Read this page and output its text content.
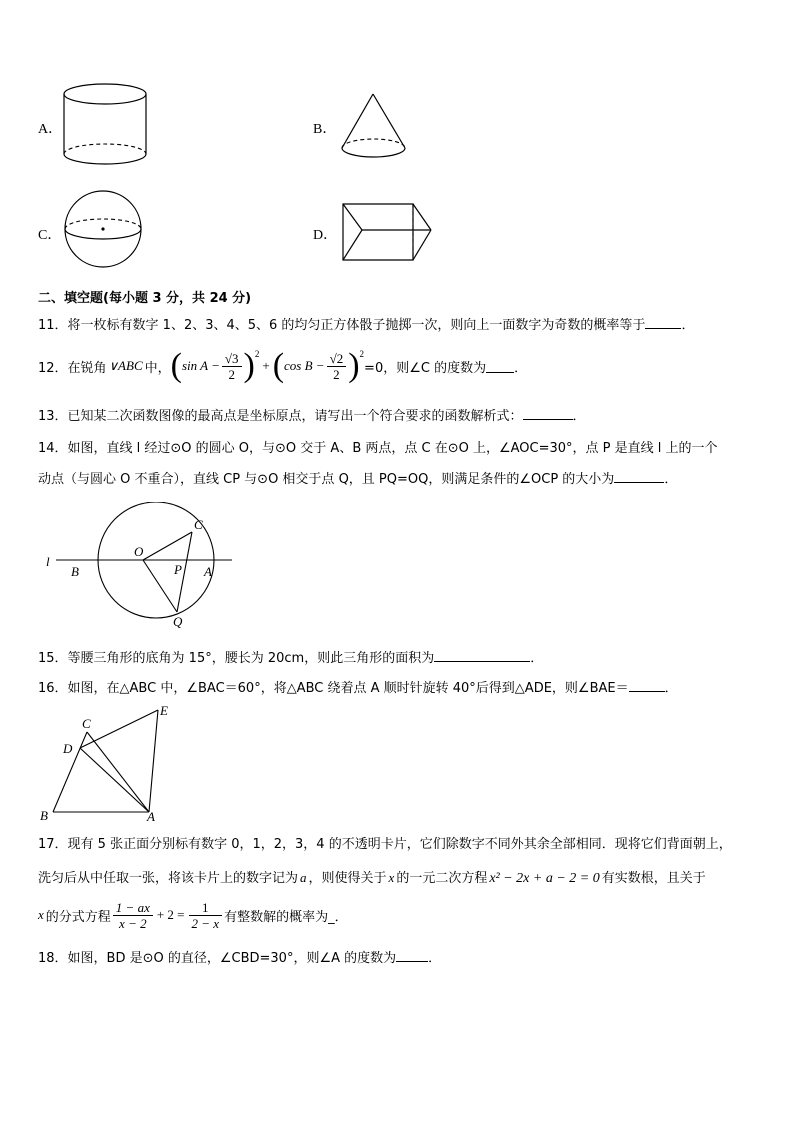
A．	B．
C．	D．
二、填空题(每小题 3 分，共 24 分)
11．将一枚标有数字 1、2、3、4、5、6 的均匀正方体骰子抛掷一次，则向上一面数字为奇数的概率等于	．
12．在锐角 ∨ABC 中， ( $\sin A - \frac{√3}{2}$ ) 2
+ ( $\cos B - \frac{√2}{2}$ ) 2
=0，则∠C 的度数为 ．
13．已知某二次函数图像的最高点是坐标原点，请写出一个符合要求的函数解析式：	．
14．如图，直线 l 经过⊙O 的圆心 O，与⊙O 交于 A、B 两点，点 C 在⊙O 上，∠AOC=30°，点 P 是直线 l 上的一个
动点（与圆心 O 不重合），直线 CP 与⊙O 相交于点 Q，且 PQ=OQ，则满足条件的∠OCP 的大小为	．
l
B
O
C
P A
Q
15．等腰三角形的底角为 15°，腰长为 20cm，则此三角形的面积为	．
16．如图，在△ABC 中，∠BAC＝60°，将△ABC 绕着点 A 顺时针旋转 40°后得到△ADE，则∠BAE＝	．
C
E
D
B	A
17．现有 5 张正面分别标有数字 0，1，2，3，4 的不透明卡片，它们除数字不同外其余全部相同．现将它们背面朝上，
洗匀后从中任取一张，将该卡片上的数字记为 a ，则使得关于 x 的一元二次方程 x² − 2x + a − 2 = 0 有实数根，且关于
x 的分式方程 $\frac{1 - ax}{x - 2} + 2 = \frac{1}{2 - x}$ 有整数解的概率为_．
18．如图，BD 是⊙O 的直径，∠CBD=30°，则∠A 的度数为 ．
